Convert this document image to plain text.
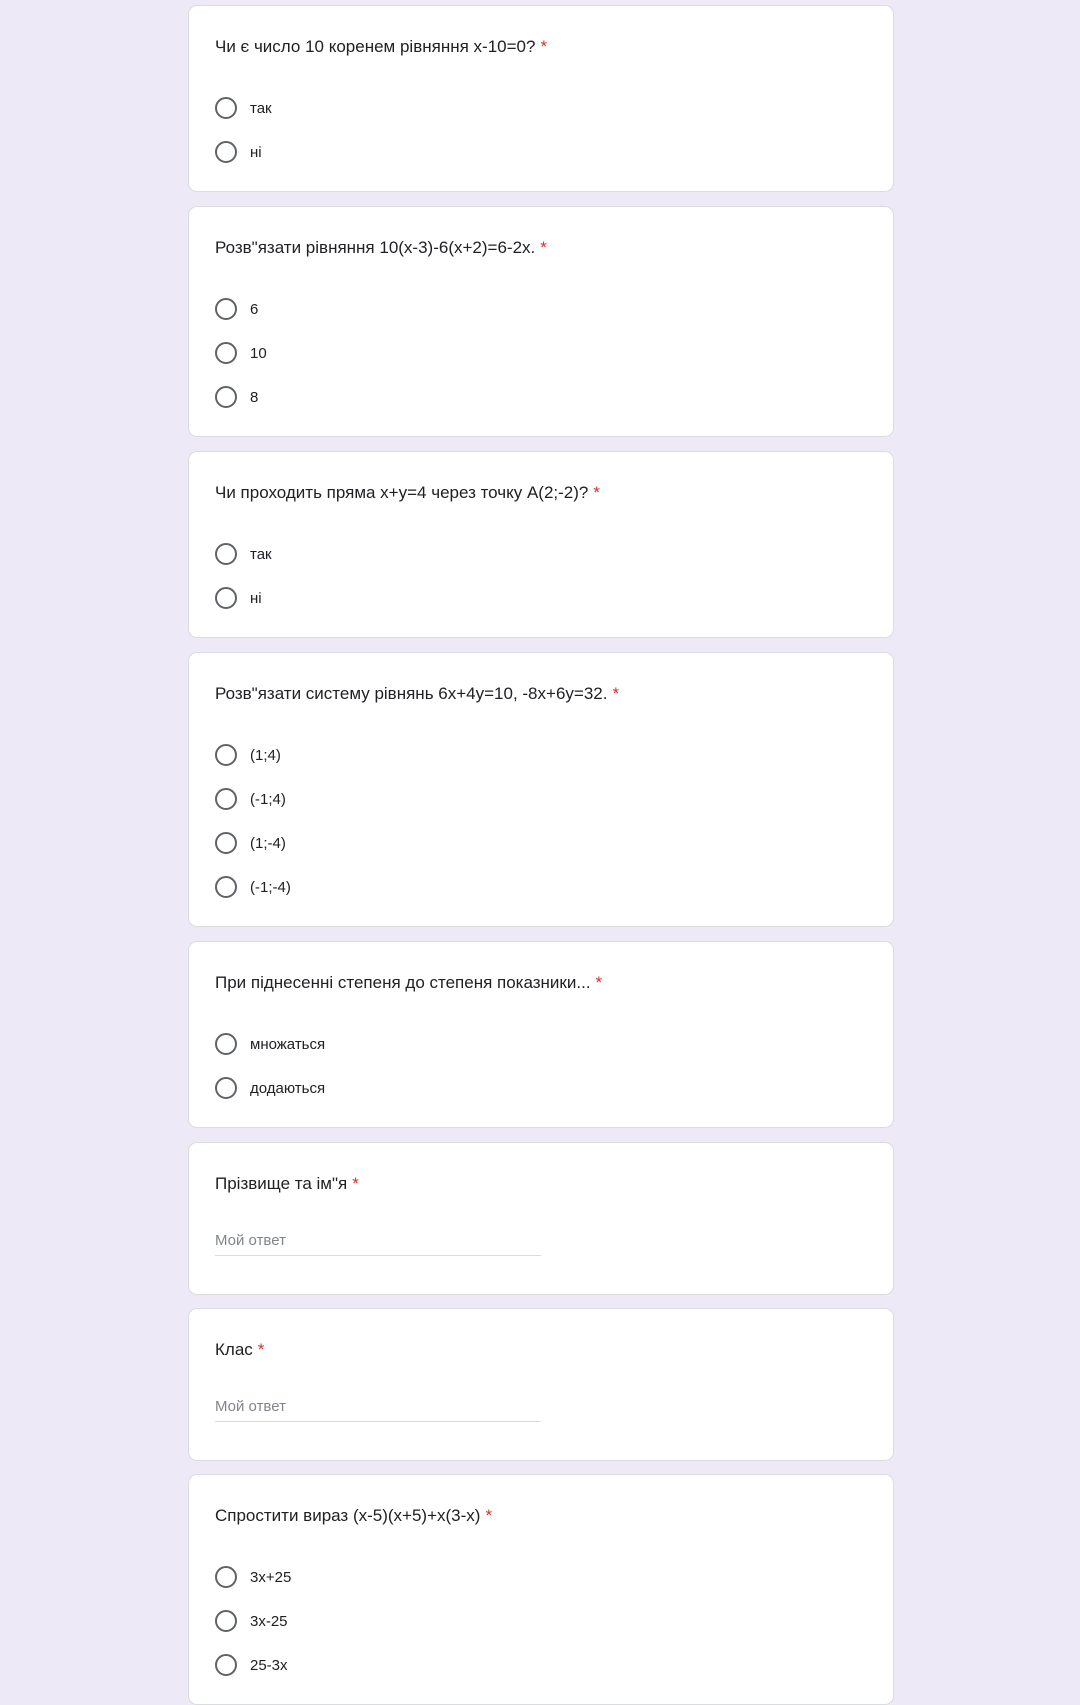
Чи є число 10 коренем рівняння x-10=0? *
так
ні
Розв"язати рівняння 10(x-3)-6(x+2)=6-2x. *
6
10
8
Чи проходить пряма x+y=4 через точку A(2;-2)? *
так
ні
Розв"язати систему рівнянь 6x+4y=10, -8x+6y=32. *
(1;4)
(-1;4)
(1;-4)
(-1;-4)
При піднесенні степеня до степеня показники... *
множаться
додаються
Прізвище та ім"я *
Мой ответ
Клас *
Мой ответ
Спростити вираз (x-5)(x+5)+x(3-x) *
3x+25
3x-25
25-3x
